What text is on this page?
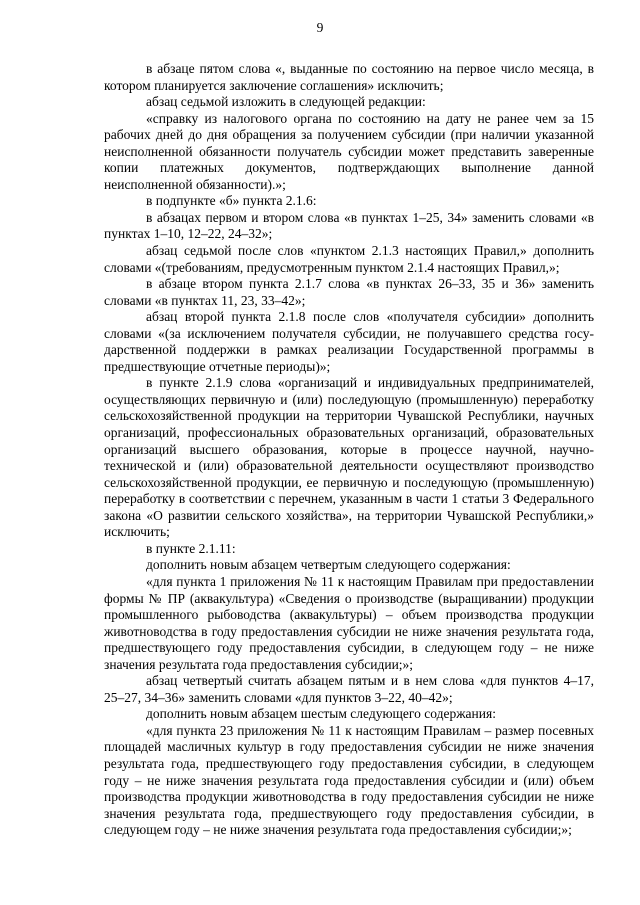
9

в абзаце пятом слова «, выданные по состоянию на первое число месяца, в котором планируется заключение соглашения» исключить;

абзац седьмой изложить в следующей редакции:

«справку из налогового органа по состоянию на дату не ранее чем за 15 рабочих дней до дня обращения за получением субсидии (при наличии указанной неисполненной обязанности получатель субсидии может представить заверенные копии платежных документов, подтверждающих выполнение данной неисполненной обязанности).»;

в подпункте «б» пункта 2.1.6:

в абзацах первом и втором слова «в пунктах 1–25, 34» заменить словами «в пунктах 1–10, 12–22, 24–32»;

абзац седьмой после слов «пунктом 2.1.3 настоящих Правил,» дополнить словами «(требованиям, предусмотренным пунктом 2.1.4 настоящих Правил,»;

в абзаце втором пункта 2.1.7 слова «в пунктах 26–33, 35 и 36» заменить словами «в пунктах 11, 23, 33–42»;

абзац второй пункта 2.1.8 после слов «получателя субсидии» дополнить словами «(за исключением получателя субсидии, не получавшего средства государственной поддержки в рамках реализации Государственной программы в предшествующие отчетные периоды)»;

в пункте 2.1.9 слова «организаций и индивидуальных предпринимателей, осуществляющих первичную и (или) последующую (промышленную) переработку сельскохозяйственной продукции на территории Чувашской Республики, научных организаций, профессиональных образовательных организаций, образовательных организаций высшего образования, которые в процессе научной, научно-технической и (или) образовательной деятельности осуществляют производство сельскохозяйственной продукции, ее первичную и последующую (промышленную) переработку в соответствии с перечнем, указанным в части 1 статьи 3 Федерального закона «О развитии сельского хозяйства», на территории Чувашской Республики,» исключить;

в пункте 2.1.11:

дополнить новым абзацем четвертым следующего содержания:

«для пункта 1 приложения № 11 к настоящим Правилам при предоставлении формы № ПР (аквакультура) «Сведения о производстве (выращивании) продукции промышленного рыбоводства (аквакультуры) – объем производства продукции животноводства в году предоставления субсидии не ниже значения результата года, предшествующего году предоставления субсидии, в следующем году – не ниже значения результата года предоставления субсидии;»;

абзац четвертый считать абзацем пятым и в нем слова «для пунктов 4–17, 25–27, 34–36» заменить словами «для пунктов 3–22, 40–42»;

дополнить новым абзацем шестым следующего содержания:

«для пункта 23 приложения № 11 к настоящим Правилам – размер посевных площадей масличных культур в году предоставления субсидии не ниже значения результата года, предшествующего году предоставления субсидии, в следующем году – не ниже значения результата года предоставления субсидии и (или) объем производства продукции животноводства в году предоставления субсидии не ниже значения результата года, предшествующего году предоставления субсидии, в следующем году – не ниже значения результата года предоставления субсидии;»;
